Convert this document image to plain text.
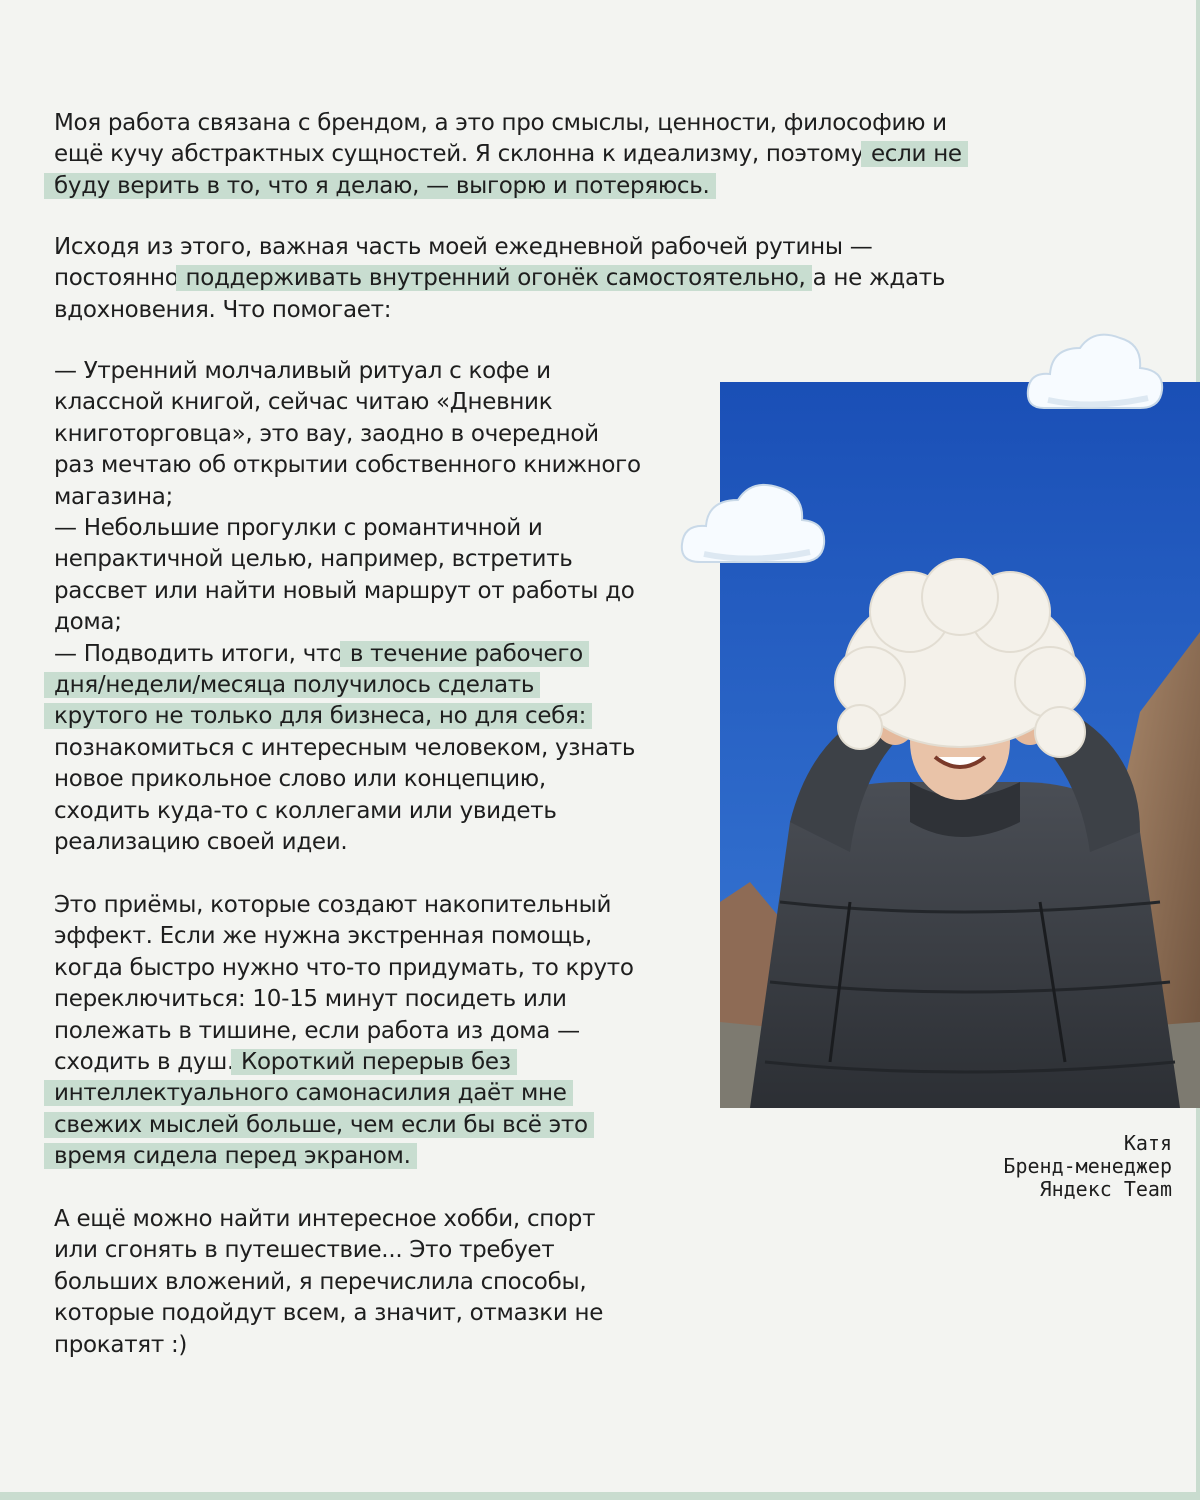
Моя работа связана с брендом, а это про смыслы, ценности, философию и
ещё кучу абстрактных сущностей. Я склонна к идеализму, поэтому если не
буду верить в то, что я делаю, — выгорю и потеряюсь.
Исходя из этого, важная часть моей ежедневной рабочей рутины —
постоянно поддерживать внутренний огонёк самостоятельно, а не ждать
вдохновения. Что помогает:
— Утренний молчаливый ритуал с кофе и
классной книгой, сейчас читаю «Дневник
книготорговца», это вау, заодно в очередной
раз мечтаю об открытии собственного книжного
магазина;
— Небольшие прогулки с романтичной и
непрактичной целью, например, встретить
рассвет или найти новый маршрут от работы до
дома;
— Подводить итоги, что в течение рабочего
дня/недели/месяца получилось сделать
крутого не только для бизнеса, но для себя:
познакомиться с интересным человеком, узнать
новое прикольное слово или концепцию,
сходить куда-то с коллегами или увидеть
реализацию своей идеи.
Это приёмы, которые создают накопительный
эффект. Если же нужна экстренная помощь,
когда быстро нужно что-то придумать, то круто
переключиться: 10-15 минут посидеть или
полежать в тишине, если работа из дома —
сходить в душ. Короткий перерыв без
интеллектуального самонасилия даёт мне
свежих мыслей больше, чем если бы всё это
время сидела перед экраном.
А ещё можно найти интересное хобби, спорт
или сгонять в путешествие... Это требует
больших вложений, я перечислила способы,
которые подойдут всем, а значит, отмазки не
прокатят :)
Катя
Бренд-менеджер
Яндекс Team
